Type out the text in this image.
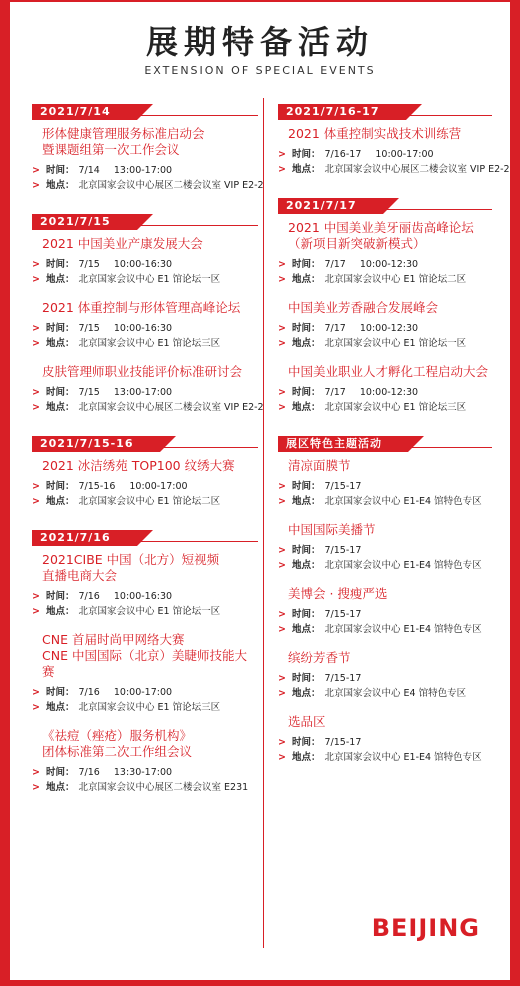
展期特备活动
EXTENSION OF SPECIAL EVENTS
2021/7/14
形体健康管理服务标准启动会
暨课题组第一次工作会议
> 时间： 7/14 13:00-17:00
> 地点： 北京国家会议中心展区二楼会议室 VIP E2-2
2021/7/15
2021 中国美业产康发展大会
> 时间： 7/15 10:00-16:30
> 地点： 北京国家会议中心 E1 馆论坛一区
2021 体重控制与形体管理高峰论坛
> 时间： 7/15 10:00-16:30
> 地点： 北京国家会议中心 E1 馆论坛三区
皮肤管理师职业技能评价标准研讨会
> 时间： 7/15 13:00-17:00
> 地点： 北京国家会议中心展区二楼会议室 VIP E2-2
2021/7/15-16
2021 冰洁绣苑 TOP100 纹绣大赛
> 时间： 7/15-16 10:00-17:00
> 地点： 北京国家会议中心 E1 馆论坛二区
2021/7/16
2021CIBE 中国（北方）短视频
直播电商大会
> 时间： 7/16 10:00-16:30
> 地点： 北京国家会议中心 E1 馆论坛一区
CNE 首届时尚甲网络大赛
CNE 中国国际（北京）美睫师技能大赛
> 时间： 7/16 10:00-17:00
> 地点： 北京国家会议中心 E1 馆论坛三区
《祛痘（痤疮）服务机构》
团体标准第二次工作组会议
> 时间： 7/16 13:30-17:00
> 地点： 北京国家会议中心展区二楼会议室 E231
2021/7/16-17
2021 体重控制实战技术训练营
> 时间： 7/16-17 10:00-17:00
> 地点： 北京国家会议中心展区二楼会议室 VIP E2-2
2021/7/17
2021 中国美业美牙丽齿高峰论坛
（新项目新突破新模式）
> 时间： 7/17 10:00-12:30
> 地点： 北京国家会议中心 E1 馆论坛二区
中国美业芳香融合发展峰会
> 时间： 7/17 10:00-12:30
> 地点： 北京国家会议中心 E1 馆论坛一区
中国美业职业人才孵化工程启动大会
> 时间： 7/17 10:00-12:30
> 地点： 北京国家会议中心 E1 馆论坛三区
展区特色主题活动
清凉面膜节
> 时间： 7/15-17
> 地点： 北京国家会议中心 E1-E4 馆特色专区
中国国际美播节
> 时间： 7/15-17
> 地点： 北京国家会议中心 E1-E4 馆特色专区
美博会 · 搜瘦严选
> 时间： 7/15-17
> 地点： 北京国家会议中心 E1-E4 馆特色专区
缤纷芳香节
> 时间： 7/15-17
> 地点： 北京国家会议中心 E4 馆特色专区
选品区
> 时间： 7/15-17
> 地点： 北京国家会议中心 E1-E4 馆特色专区
BEIJING
